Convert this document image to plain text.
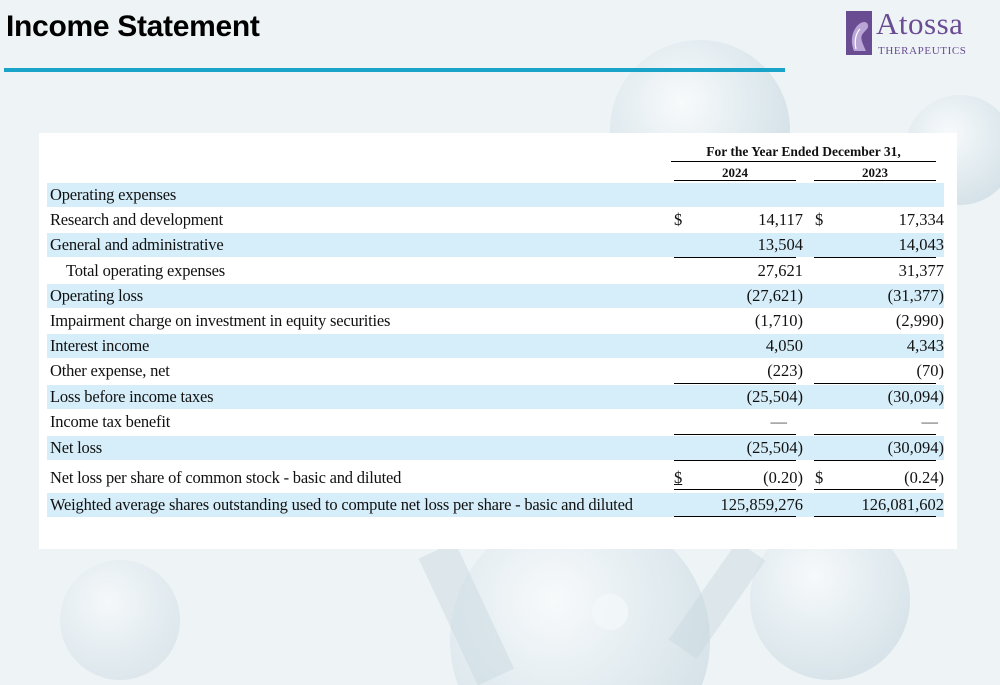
Income Statement	Atossa
THERAPEUTICS
For the Year Ended December 31,
2024	2023
Operating expenses
Research and development	$	14,117 $	17,334
General and administrative	13,504	14,043
Total operating expenses	27,621	31,377
Operating loss	(27,621)	(31,377)
Impairment charge on investment in equity securities	(1,710)	(2,990)
Interest income	4,050	4,343
Other expense, net	(223)	(70)
Loss before income taxes	(25,504)	(30,094)
Income tax benefit	—	—
Net loss	(25,504)	(30,094)
Net loss per share of common stock - basic and diluted	$	(0.20) $	(0.24)
Weighted average shares outstanding used to compute net loss per share - basic and diluted	125,859,276	126,081,602
